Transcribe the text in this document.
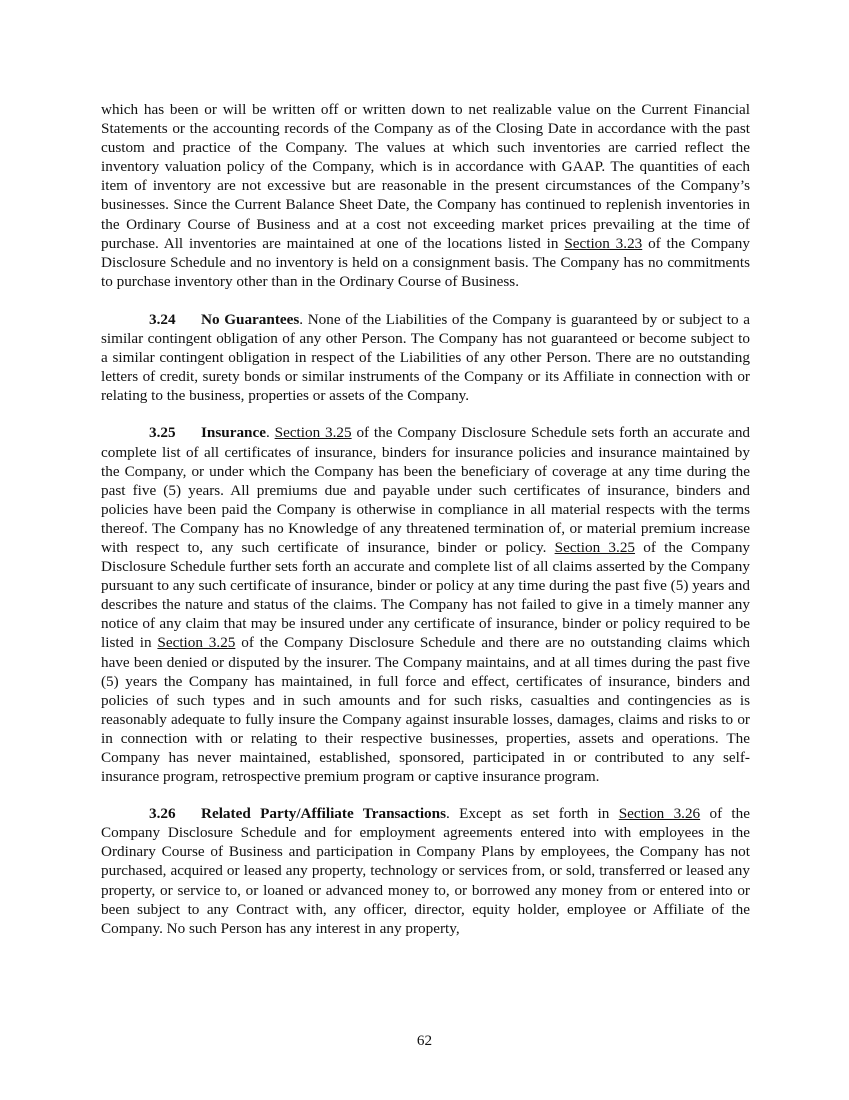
which has been or will be written off or written down to net realizable value on the Current Financial Statements or the accounting records of the Company as of the Closing Date in accordance with the past custom and practice of the Company. The values at which such inventories are carried reflect the inventory valuation policy of the Company, which is in accordance with GAAP. The quantities of each item of inventory are not excessive but are reasonable in the present circumstances of the Company’s businesses. Since the Current Balance Sheet Date, the Company has continued to replenish inventories in the Ordinary Course of Business and at a cost not exceeding market prices prevailing at the time of purchase. All inventories are maintained at one of the locations listed in Section 3.23 of the Company Disclosure Schedule and no inventory is held on a consignment basis. The Company has no commitments to purchase inventory other than in the Ordinary Course of Business.

3.24 No Guarantees. None of the Liabilities of the Company is guaranteed by or subject to a similar contingent obligation of any other Person. The Company has not guaranteed or become subject to a similar contingent obligation in respect of the Liabilities of any other Person. There are no outstanding letters of credit, surety bonds or similar instruments of the Company or its Affiliate in connection with or relating to the business, properties or assets of the Company.

3.25 Insurance. Section 3.25 of the Company Disclosure Schedule sets forth an accurate and complete list of all certificates of insurance, binders for insurance policies and insurance maintained by the Company, or under which the Company has been the beneficiary of coverage at any time during the past five (5) years. All premiums due and payable under such certificates of insurance, binders and policies have been paid the Company is otherwise in compliance in all material respects with the terms thereof. The Company has no Knowledge of any threatened termination of, or material premium increase with respect to, any such certificate of insurance, binder or policy. Section 3.25 of the Company Disclosure Schedule further sets forth an accurate and complete list of all claims asserted by the Company pursuant to any such certificate of insurance, binder or policy at any time during the past five (5) years and describes the nature and status of the claims. The Company has not failed to give in a timely manner any notice of any claim that may be insured under any certificate of insurance, binder or policy required to be listed in Section 3.25 of the Company Disclosure Schedule and there are no outstanding claims which have been denied or disputed by the insurer. The Company maintains, and at all times during the past five (5) years the Company has maintained, in full force and effect, certificates of insurance, binders and policies of such types and in such amounts and for such risks, casualties and contingencies as is reasonably adequate to fully insure the Company against insurable losses, damages, claims and risks to or in connection with or relating to their respective businesses, properties, assets and operations. The Company has never maintained, established, sponsored, participated in or contributed to any self-insurance program, retrospective premium program or captive insurance program.

3.26 Related Party/Affiliate Transactions. Except as set forth in Section 3.26 of the Company Disclosure Schedule and for employment agreements entered into with employees in the Ordinary Course of Business and participation in Company Plans by employees, the Company has not purchased, acquired or leased any property, technology or services from, or sold, transferred or leased any property, or service to, or loaned or advanced money to, or borrowed any money from or entered into or been subject to any Contract with, any officer, director, equity holder, employee or Affiliate of the Company. No such Person has any interest in any property,

62
